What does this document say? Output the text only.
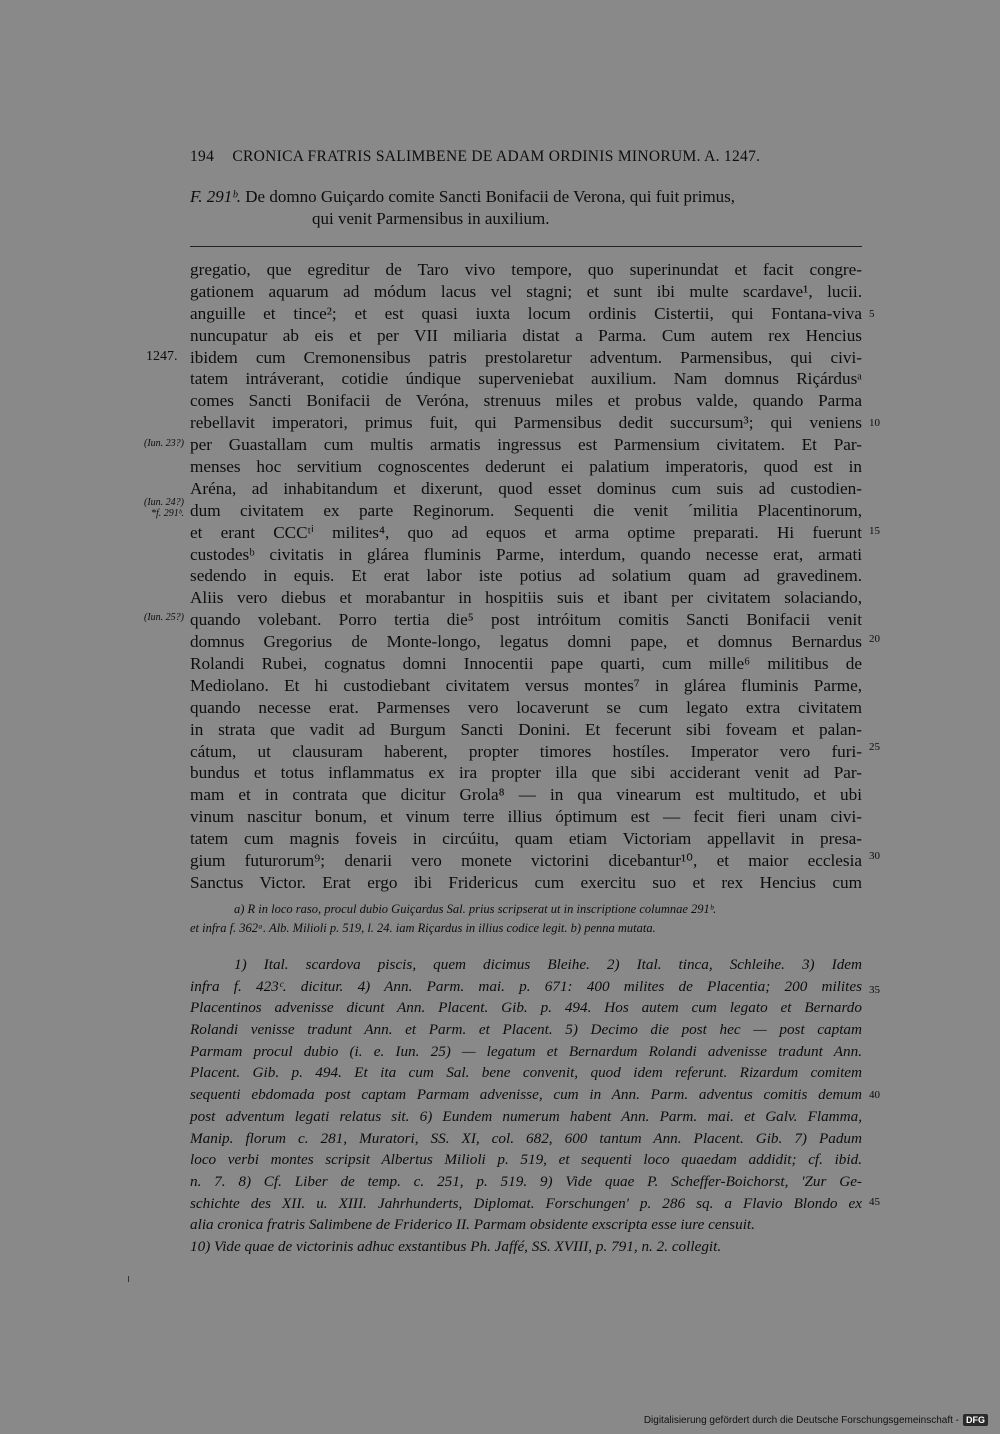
194 CRONICA FRATRIS SALIMBENE DE ADAM ORDINIS MINORUM. A. 1247.
F. 291ᵇ. De domno Guiçardo comite Sancti Bonifacii de Verona, qui fuit primus,
qui venit Parmensibus in auxilium.
gregatio, que egreditur de Taro vivo tempore, quo superinundat et facit congre-
gationem aquarum ad módum lacus vel stagni; et sunt ibi multe scardave¹, lucii.
anguille et tince²; et est quasi iuxta locum ordinis Cistertii, qui Fontana-viva
nuncupatur ab eis et per VII miliaria distat a Parma. Cum autem rex Hencius
ibidem cum Cremonensibus patris prestolaretur adventum. Parmensibus, qui civi-
tatem intráverant, cotidie úndique superveniebat auxilium. Nam domnus Riçárdusᵃ
comes Sancti Bonifacii de Veróna, strenuus miles et probus valde, quando Parma
rebellavit imperatori, primus fuit, qui Parmensibus dedit succursum³; qui veniens
per Guastallam cum multis armatis ingressus est Parmensium civitatem. Et Par-
menses hoc servitium cognoscentes dederunt ei palatium imperatoris, quod est in
Aréna, ad inhabitandum et dixerunt, quod esset dominus cum suis ad custodien-
dum civitatem ex parte Reginorum. Sequenti die venit ´militia Placentinorum,
et erant CCCᵗⁱ milites⁴, quo ad equos et arma optime preparati. Hi fuerunt
custodesᵇ civitatis in glárea fluminis Parme, interdum, quando necesse erat, armati
sedendo in equis. Et erat labor iste potius ad solatium quam ad gravedinem.
Aliis vero diebus et morabantur in hospitiis suis et ibant per civitatem solaciando,
quando volebant. Porro tertia die⁵ post intróitum comitis Sancti Bonifacii venit
domnus Gregorius de Monte-longo, legatus domni pape, et domnus Bernardus
Rolandi Rubei, cognatus domni Innocentii pape quarti, cum mille⁶ militibus de
Mediolano. Et hi custodiebant civitatem versus montes⁷ in glárea fluminis Parme,
quando necesse erat. Parmenses vero locaverunt se cum legato extra civitatem
in strata que vadit ad Burgum Sancti Donini. Et fecerunt sibi foveam et palan-
cátum, ut clausuram haberent, propter timores hostíles. Imperator vero furi-
bundus et totus inflammatus ex ira propter illa que sibi acciderant venit ad Par-
mam et in contrata que dicitur Grola⁸ — in qua vinearum est multitudo, et ubi
vinum nascitur bonum, et vinum terre illius óptimum est — fecit fieri unam civi-
tatem cum magnis foveis in circúitu, quam etiam Victoriam appellavit in presa-
gium futurorum⁹; denarii vero monete victorini dicebantur¹⁰, et maior ecclesia
Sanctus Victor. Erat ergo ibi Fridericus cum exercitu suo et rex Hencius cum
1247.
(Iun. 23?)
(Iun. 24?)
*f. 291ᵇ.
(Iun. 25?)
5
10
15
20
25
30
35
40
45
a) R in loco raso, procul dubio Guiçardus Sal. prius scripserat ut in inscriptione columnae 291ᵇ.
et infra f. 362ᵃ. Alb. Milioli p. 519, l. 24. iam Riçardus in illius codice legit. b) penna mutata.
1) Ital. scardova piscis, quem dicimus Bleihe. 2) Ital. tinca, Schleihe. 3) Idem
infra f. 423ᶜ. dicitur. 4) Ann. Parm. mai. p. 671: 400 milites de Placentia; 200 milites
Placentinos advenisse dicunt Ann. Placent. Gib. p. 494. Hos autem cum legato et Bernardo
Rolandi venisse tradunt Ann. et Parm. et Placent. 5) Decimo die post hec — post captam
Parmam procul dubio (i. e. Iun. 25) — legatum et Bernardum Rolandi advenisse tradunt Ann.
Placent. Gib. p. 494. Et ita cum Sal. bene convenit, quod idem referunt. Rizardum comitem
sequenti ebdomada post captam Parmam advenisse, cum in Ann. Parm. adventus comitis demum
post adventum legati relatus sit. 6) Eundem numerum habent Ann. Parm. mai. et Galv. Flamma,
Manip. florum c. 281, Muratori, SS. XI, col. 682, 600 tantum Ann. Placent. Gib. 7) Padum
loco verbi montes scripsit Albertus Milioli p. 519, et sequenti loco quaedam addidit; cf. ibid.
n. 7. 8) Cf. Liber de temp. c. 251, p. 519. 9) Vide quae P. Scheffer-Boichorst, 'Zur Ge-
schichte des XII. u. XIII. Jahrhunderts, Diplomat. Forschungen' p. 286 sq. a Flavio Blondo ex
alia cronica fratris Salimbene de Friderico II. Parmam obsidente exscripta esse iure censuit.
Digitalisierung gefördert durch die Deutsche Forschungsgemeinschaft - DFG
10) Vide quae de victorinis adhuc exstantibus Ph. Jaffé, SS. XVIII, p. 791, n. 2. collegit.
